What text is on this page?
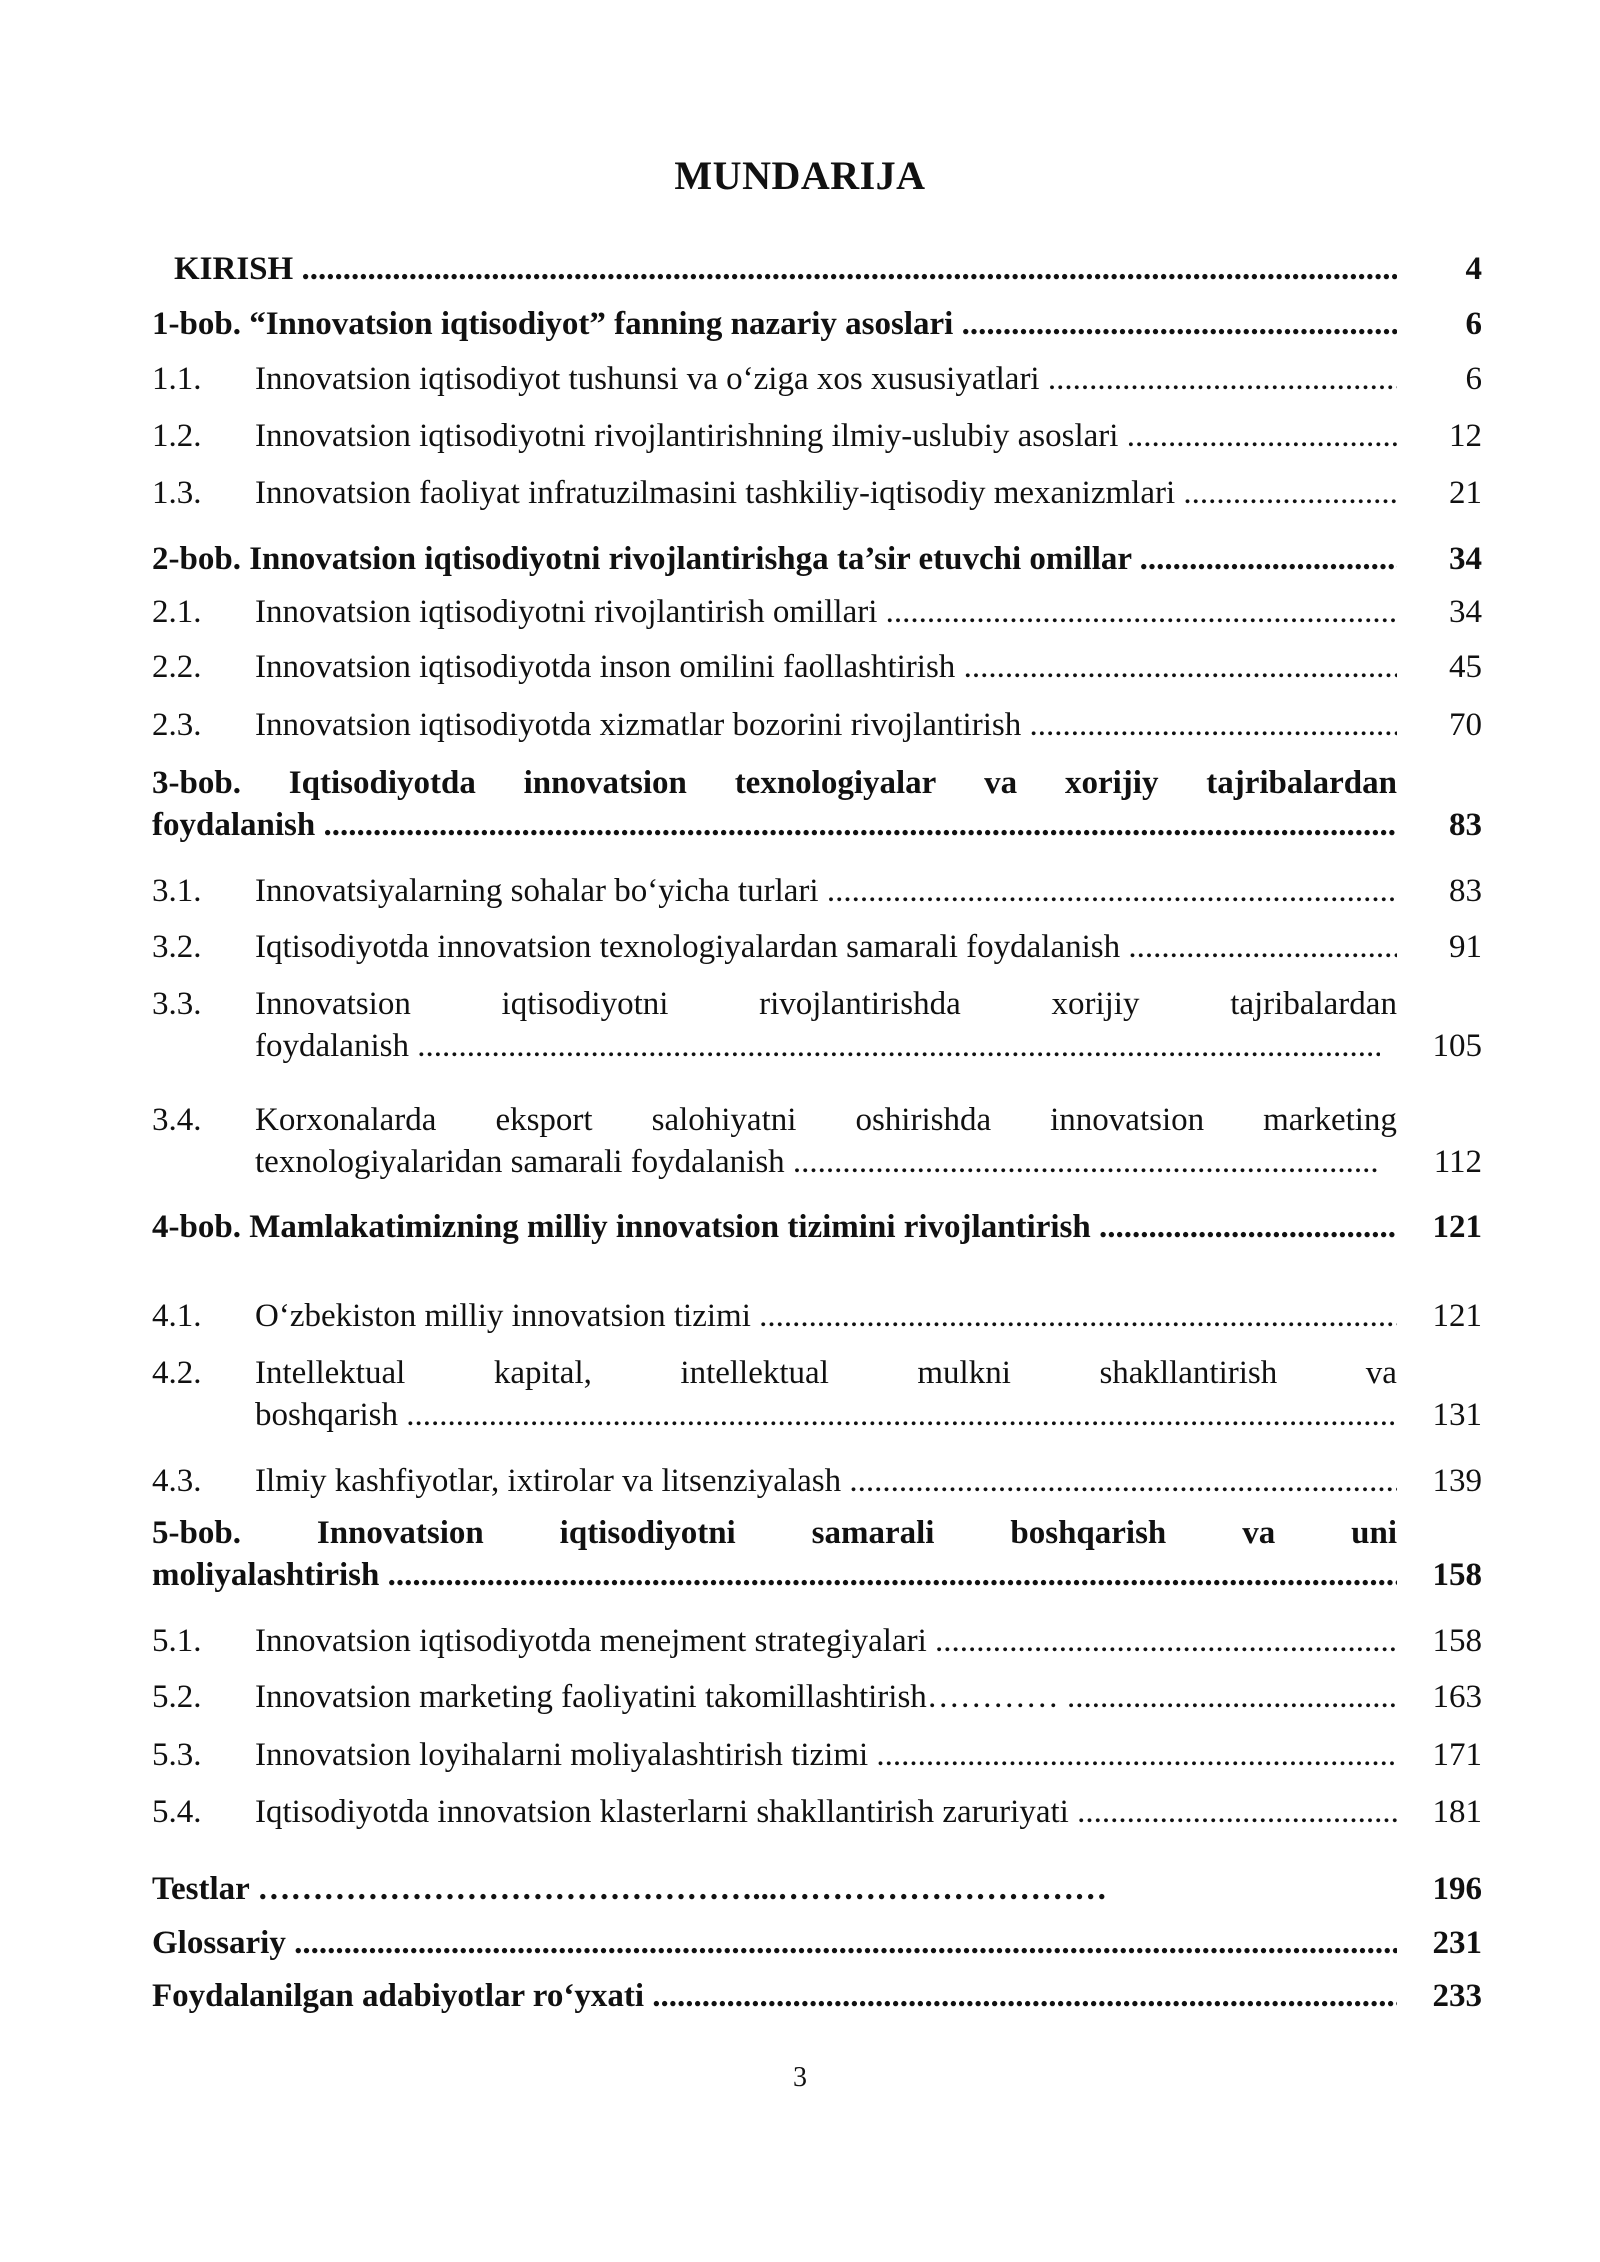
MUNDARIJA
KIRISH .....	4
1-bob. “Innovatsion iqtisodiyot” fanning nazariy asoslari .....	6
1.1. Innovatsion iqtisodiyot tushunsi va o‘ziga xos xususiyatlari .....	6
1.2. Innovatsion iqtisodiyotni rivojlantirishning ilmiy-uslubiy asoslari .....	12
1.3. Innovatsion faoliyat infratuzilmasini tashkiliy-iqtisodiy mexanizmlari .....	21
2-bob. Innovatsion iqtisodiyotni rivojlantirishga ta’sir etuvchi omillar .....	34
2.1. Innovatsion iqtisodiyotni rivojlantirish omillari .....	34
2.2. Innovatsion iqtisodiyotda inson omilini faollashtirish .....	45
2.3. Innovatsion iqtisodiyotda xizmatlar bozorini rivojlantirish .....	70
3-bob. Iqtisodiyotda innovatsion texnologiyalar va xorijiy tajribalardan
foydalanish .....	83
3.1. Innovatsiyalarning sohalar bo‘yicha turlari .....	83
3.2. Iqtisodiyotda innovatsion texnologiyalardan samarali foydalanish .....	91
3.3. Innovatsion	iqtisodiyotni	rivojlantirishda	xorijiy	tajribalardan
foydalanish .....	105
3.4. Korxonalarda eksport salohiyatni oshirishda innovatsion marketing
texnologiyalaridan samarali foydalanish .....	112
4-bob. Mamlakatimizning milliy innovatsion tizimini rivojlantirish .....	121
4.1. O‘zbekiston milliy innovatsion tizimi .....	121
4.2. Intellektual	kapital,	intellektual	mulkni	shakllantirish	va
boshqarish .....	131
4.3. Ilmiy kashfiyotlar, ixtirolar va litsenziyalash .....	139
5-bob. Innovatsion iqtisodiyotni samarali boshqarish va uni
moliyalashtirish .....	158
5.1. Innovatsion iqtisodiyotda menejment strategiyalari .....	158
5.2. Innovatsion marketing faoliyatini takomillashtirish………… .....	163
5.3. Innovatsion loyihalarni moliyalashtirish tizimi .....	171
5.4. Iqtisodiyotda innovatsion klasterlarni shakllantirish zaruriyati .....	181
Testlar ………………………………………...…………………………	196
Glossariy .....	231
Foydalanilgan adabiyotlar ro‘yxati .....	233
3
